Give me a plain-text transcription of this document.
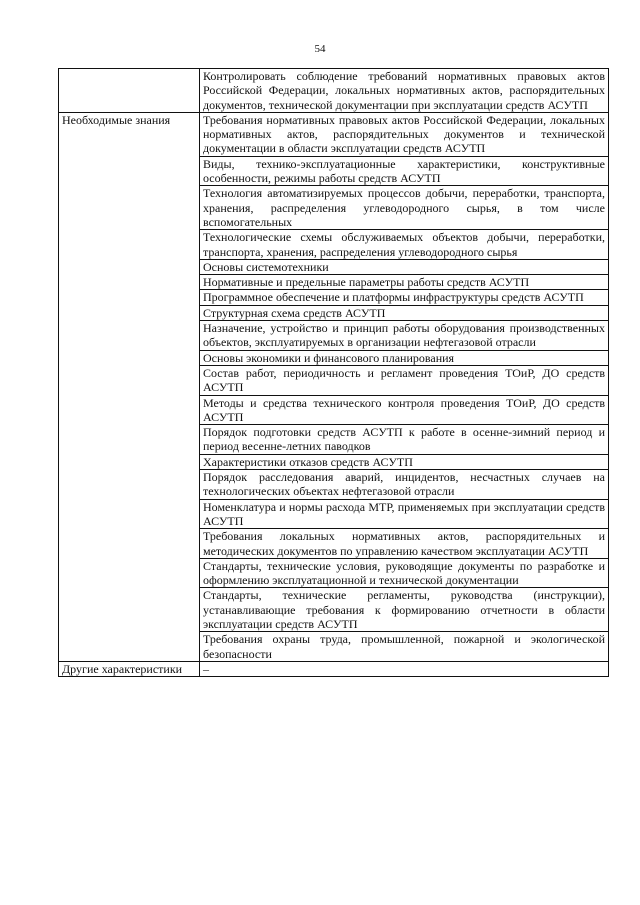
54
	Контролировать соблюдение требований нормативных правовых актов Российской Федерации, локальных нормативных актов, распорядительных документов, технической документации при эксплуатации средств АСУТП
Необходимые знания	Требования нормативных правовых актов Российской Федерации, локальных нормативных актов, распорядительных документов и технической документации в области эксплуатации средств АСУТП
	Виды, технико-эксплуатационные характеристики, конструктивные особенности, режимы работы средств АСУТП
	Технология автоматизируемых процессов добычи, переработки, транспорта, хранения, распределения углеводородного сырья, в том числе вспомогательных
	Технологические схемы обслуживаемых объектов добычи, переработки, транспорта, хранения, распределения углеводородного сырья
	Основы системотехники
	Нормативные и предельные параметры работы средств АСУТП
	Программное обеспечение и платформы инфраструктуры средств АСУТП
	Структурная схема средств АСУТП
	Назначение, устройство и принцип работы оборудования производственных объектов, эксплуатируемых в организации нефтегазовой отрасли
	Основы экономики и финансового планирования
	Состав работ, периодичность и регламент проведения ТОиР, ДО средств АСУТП
	Методы и средства технического контроля проведения ТОиР, ДО средств АСУТП
	Порядок подготовки средств АСУТП к работе в осенне-зимний период и период весенне-летних паводков
	Характеристики отказов средств АСУТП
	Порядок расследования аварий, инцидентов, несчастных случаев на технологических объектах нефтегазовой отрасли
	Номенклатура и нормы расхода МТР, применяемых при эксплуатации средств АСУТП
	Требования локальных нормативных актов, распорядительных и методических документов по управлению качеством эксплуатации АСУТП
	Стандарты, технические условия, руководящие документы по разработке и оформлению эксплуатационной и технической документации
	Стандарты, технические регламенты, руководства (инструкции), устанавливающие требования к формированию отчетности в области эксплуатации средств АСУТП
	Требования охраны труда, промышленной, пожарной и экологической безопасности
Другие характеристики	–
